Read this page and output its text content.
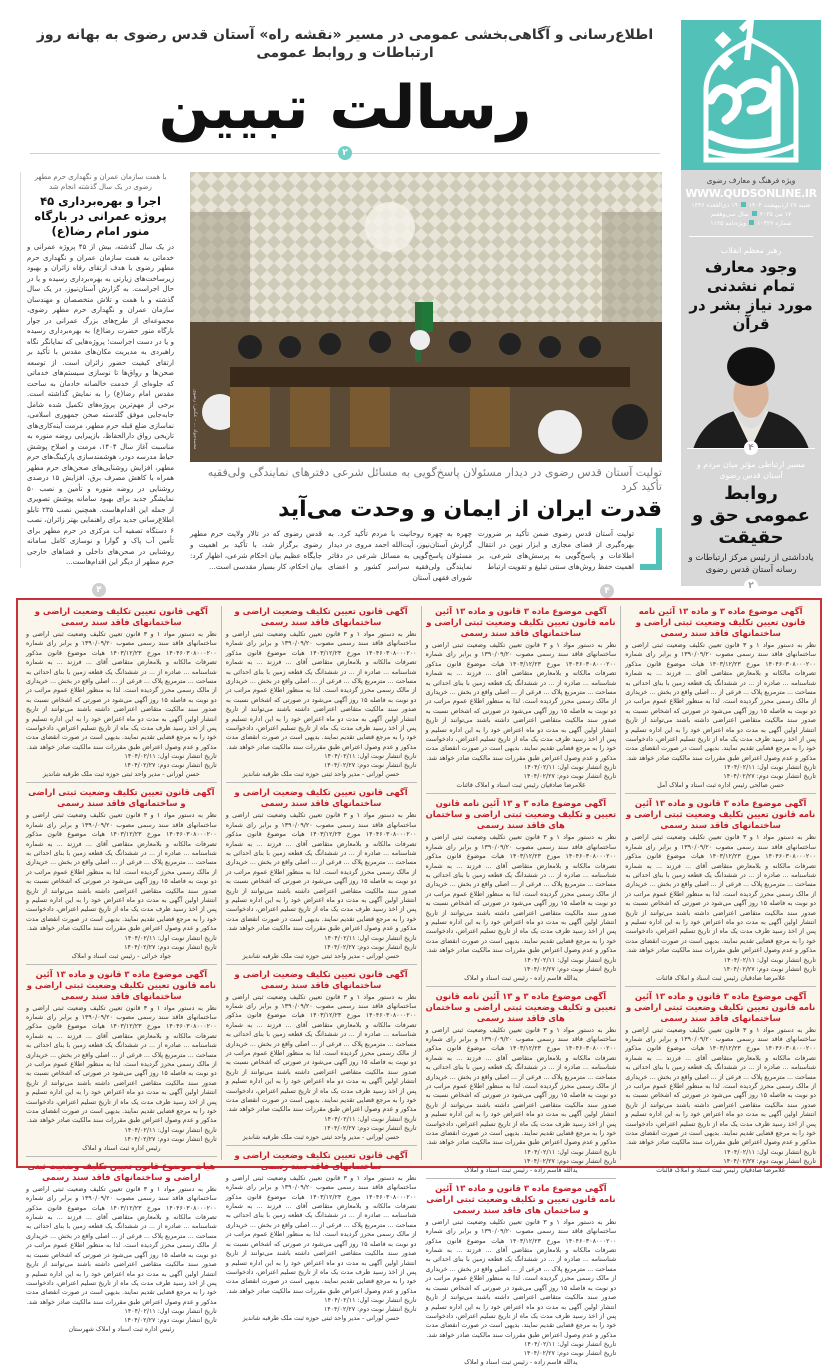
اطلاع‌رسانی و آگاهی‌بخشی عمومی در مسیر «نقشه راه» آستان قدس رضوی به بهانه روز ارتباطات و روابط عمومی
رسالت تبیین
۲
ویژه فرهنگ و معارف رضوی
WWW.QUDSONLINE.IR
شنبه ۲۷ اردیبهشت ۱۴۰۴۱۹ ذی‌القعده ۱۴۴۶
۱۷ می ۲۰۲۵سال سی‌وهفتم
شماره ۱۰۴۲۷ویژه‌نامه ۱۱۲۵
رهبر معظم انقلاب
وجود معارف تمام نشدنی مورد نیاز بشر در قرآن
۴
مسیر ارتباطی مؤثر میان مردم و آستان قدس رضوی
روابط عمومی حق و حقیقت
یادداشتی از رئیس مرکز ارتباطات و رسانه آستان قدس رضوی
۲
با همت سازمان عمران و نگهداری حرم مطهر رضوی در یک سال گذشته انجام شد
اجرا و بهره‌برداری ۴۵ پروژه عمرانی در بارگاه منور امام رضا(ع)

در یک سال گذشته، بیش از ۴۵ پروژه عمرانی و خدماتی به همت سازمان عمران و نگهداری حرم مطهر رضوی با هدف ارتقای رفاه زائران و بهبود زیرساخت‌های زیارتی به بهره‌برداری رسیده و یا در حال اجراست. به گزارش آستان‌نیوز، در یک سال گذشته و با همت و تلاش متخصصان و مهندسان سازمان عمران و نگهداری حرم مطهر رضوی، مجموعه‌ای از طرح‌های بزرگ عمرانی در جوار بارگاه منور حضرت رضا(ع) به بهره‌برداری رسیده و یا در دست اجراست؛ پروژه‌هایی که نمایانگر نگاه راهبردی به مدیریت مکان‌های مقدس با تأکید بر ارتقای کیفیت حضور زائران است. از توسعه صحن‌ها و رواق‌ها تا نوسازی سیستم‌های خدماتی که جلوه‌ای از خدمت خالصانه خادمان به ساحت مقدس امام رضا(ع) را به نمایش گذاشته است. برخی از مهم‌ترین پروژه‌های تکمیل شده شامل جابه‌جایی موفق گلدسته صحن جمهوری اسلامی، نماسازی ضلع قبله حرم مطهر، مرمت آینه‌کاری‌های تاریخی رواق دارالحفاظ، بازپیرایی روضه منوره به مناسبت آغاز سال ۱۴۰۴، مرمت و اصلاح پوشش حیاط مدرسه دودر، هوشمندسازی پارکینگ‌های حرم مطهر، افزایش روشنایی‌های صحن‌های حرم مطهر همراه با کاهش مصرف برق، افزایش ۱۵ درصدی روشنایی در روضه منوره و تأمین و نصب ۵۰ نمایشگر جدید برای بهبود سامانه پوشش تصویری از جمله این اقدام‌هاست. همچنین نصب ۲۳۵ تابلو اطلاع‌رسانی جدید برای راهنمایی بهتر زائران، نصب ۶ دستگاه تصفیه آب مرکزی در حرم مطهر برای تأمین آب پاک و گوارا و نوسازی کامل سامانه روشنایی در صحن‌های داخلی و فضاهای خارجی حرم مطهر از دیگر این اقدام‌هاست...

۴
محمدجواد ... - عکس: رضوی
تولیت آستان قدس رضوی در دیدار مسئولان پاسخ‌گویی به مسائل شرعی دفترهای نمایندگی ولی‌فقیه تأکید کرد
قدرت ایران از ایمان و وحدت می‌آید
تولیت آستان قدس رضوی ضمن تأکید بر ضرورت بهره‌گیری از فضای مجازی و ابزار نوین در انتقال اطلاعات و پاسخ‌گویی به پرسش‌های شرعی، بر اهمیت حفظ روش‌های سنتی تبلیغ و تقویت ارتباط
چهره به چهره روحانیت با مردم تأکید کرد. به گزارش آستان‌نیوز، آیت‌الله احمد مروی در دیدار مسئولان پاسخ‌گویی به مسائل شرعی در دفاتر نمایندگی ولی‌فقیه سراسر کشور و اعضای شورای فقهی آستان
قدس رضوی که در تالار ولایت حرم مطهر رضوی برگزار شد، با تأکید بر اهمیت و جایگاه عظیم بیان احکام شرعی، اظهار کرد: بیان احکام، کار بسیار مقدسی است...
۴
آگهی موضوع ماده ۳ و ماده ۱۳ آئین نامه قانون تعیین تکلیف وضعیت ثبتی اراضی و ساختمانهای فاقد سند رسمی
نظر به دستور مواد ۱ و ۳ قانون تعیین تکلیف وضعیت ثبتی اراضی و ساختمانهای فاقد سند رسمی مصوب ۱۳۹۰/۰۹/۲۰ و برابر رای شماره ۱۴۰۴۶۰۳۰۸۰۰۰۲۰۰ مورخ ۱۴۰۳/۱۲/۲۳ هیات موضوع قانون مذکور تصرفات مالکانه و بلامعارض متقاضی آقای ... فرزند ... به شماره شناسنامه ... صادره از ... در ششدانگ یک قطعه زمین با بنای احداثی به مساحت ... مترمربع پلاک ... فرعی از ... اصلی واقع در بخش ... خریداری از مالک رسمی محرز گردیده است. لذا به منظور اطلاع عموم مراتب در دو نوبت به فاصله ۱۵ روز آگهی می‌شود در صورتی که اشخاص نسبت به صدور سند مالکیت متقاضی اعتراضی داشته باشند می‌توانند از تاریخ انتشار اولین آگهی به مدت دو ماه اعتراض خود را به این اداره تسلیم و پس از اخذ رسید ظرف مدت یک ماه از تاریخ تسلیم اعتراض، دادخواست خود را به مرجع قضایی تقدیم نمایند. بدیهی است در صورت انقضای مدت مذکور و عدم وصول اعتراض طبق مقررات سند مالکیت صادر خواهد شد.
تاریخ انتشار نوبت اول: ۱۴۰۴/۰۲/۱۱
تاریخ انتشار نوبت دوم: ۱۴۰۴/۰۲/۲۷
حسن صالحی رئیس اداره ثبت اسناد و املاک آمل
آگهی موضوع ماده ۳ قانون و ماده ۱۳ آئین نامه قانون تعیین تکلیف وضعیت ثبتی اراضی و ساختمانهای فاقد سند رسمی
نظر به دستور مواد ۱ و ۳ قانون تعیین تکلیف وضعیت ثبتی اراضی و ساختمانهای فاقد سند رسمی مصوب ۱۳۹۰/۰۹/۲۰ و برابر رای شماره ۱۴۰۴۶۰۳۰۸۰۰۰۲۰۰ مورخ ۱۴۰۳/۱۲/۲۳ هیات موضوع قانون مذکور تصرفات مالکانه و بلامعارض متقاضی آقای ... فرزند ... به شماره شناسنامه ... صادره از ... در ششدانگ یک قطعه زمین با بنای احداثی به مساحت ... مترمربع پلاک ... فرعی از ... اصلی واقع در بخش ... خریداری از مالک رسمی محرز گردیده است. لذا به منظور اطلاع عموم مراتب در دو نوبت به فاصله ۱۵ روز آگهی می‌شود در صورتی که اشخاص نسبت به صدور سند مالکیت متقاضی اعتراضی داشته باشند می‌توانند از تاریخ انتشار اولین آگهی به مدت دو ماه اعتراض خود را به این اداره تسلیم و پس از اخذ رسید ظرف مدت یک ماه از تاریخ تسلیم اعتراض، دادخواست خود را به مرجع قضایی تقدیم نمایند. بدیهی است در صورت انقضای مدت مذکور و عدم وصول اعتراض طبق مقررات سند مالکیت صادر خواهد شد.
تاریخ انتشار نوبت اول: ۱۴۰۴/۰۲/۱۱
تاریخ انتشار نوبت دوم: ۱۴۰۴/۰۲/۲۷
غلامرضا صادقیان رئیس ثبت اسناد و املاک قائنات
آگهی موضوع ماده ۳ قانون و ماده ۱۳ آئین نامه قانون تعیین تکلیف وضعیت ثبتی اراضی و ساختمانهای فاقد سند رسمی
نظر به دستور مواد ۱ و ۳ قانون تعیین تکلیف وضعیت ثبتی اراضی و ساختمانهای فاقد سند رسمی مصوب ۱۳۹۰/۰۹/۲۰ و برابر رای شماره ۱۴۰۴۶۰۳۰۸۰۰۰۲۰۰ مورخ ۱۴۰۳/۱۲/۲۳ هیات موضوع قانون مذکور تصرفات مالکانه و بلامعارض متقاضی آقای ... فرزند ... به شماره شناسنامه ... صادره از ... در ششدانگ یک قطعه زمین با بنای احداثی به مساحت ... مترمربع پلاک ... فرعی از ... اصلی واقع در بخش ... خریداری از مالک رسمی محرز گردیده است. لذا به منظور اطلاع عموم مراتب در دو نوبت به فاصله ۱۵ روز آگهی می‌شود در صورتی که اشخاص نسبت به صدور سند مالکیت متقاضی اعتراضی داشته باشند می‌توانند از تاریخ انتشار اولین آگهی به مدت دو ماه اعتراض خود را به این اداره تسلیم و پس از اخذ رسید ظرف مدت یک ماه از تاریخ تسلیم اعتراض، دادخواست خود را به مرجع قضایی تقدیم نمایند. بدیهی است در صورت انقضای مدت مذکور و عدم وصول اعتراض طبق مقررات سند مالکیت صادر خواهد شد.
تاریخ انتشار نوبت اول: ۱۴۰۴/۰۲/۱۱
تاریخ انتشار نوبت دوم: ۱۴۰۴/۰۲/۲۷
غلامرضا صادقیان رئیس ثبت اسناد و املاک قائنات
آگهی موضوع ماده ۳ قانون و ماده ۱۳ آئین نامه قانون تعیین تکلیف وضعیت ثبتی اراضی و ساختمانهای فاقد سند رسمی
نظر به دستور مواد ۱ و ۳ قانون تعیین تکلیف وضعیت ثبتی اراضی و ساختمانهای فاقد سند رسمی مصوب ۱۳۹۰/۰۹/۲۰ و برابر رای شماره ۱۴۰۴۶۰۳۰۸۰۰۰۲۰۰ مورخ ۱۴۰۳/۱۲/۲۳ هیات موضوع قانون مذکور تصرفات مالکانه و بلامعارض متقاضی آقای ... فرزند ... به شماره شناسنامه ... صادره از ... در ششدانگ یک قطعه زمین با بنای احداثی به مساحت ... مترمربع پلاک ... فرعی از ... اصلی واقع در بخش ... خریداری از مالک رسمی محرز گردیده است. لذا به منظور اطلاع عموم مراتب در دو نوبت به فاصله ۱۵ روز آگهی می‌شود در صورتی که اشخاص نسبت به صدور سند مالکیت متقاضی اعتراضی داشته باشند می‌توانند از تاریخ انتشار اولین آگهی به مدت دو ماه اعتراض خود را به این اداره تسلیم و پس از اخذ رسید ظرف مدت یک ماه از تاریخ تسلیم اعتراض، دادخواست خود را به مرجع قضایی تقدیم نمایند. بدیهی است در صورت انقضای مدت مذکور و عدم وصول اعتراض طبق مقررات سند مالکیت صادر خواهد شد.
تاریخ انتشار نوبت اول: ۱۴۰۴/۰۲/۱۱
تاریخ انتشار نوبت دوم: ۱۴۰۴/۰۲/۲۷
غلامرضا صادقیان رئیس ثبت اسناد و املاک قائنات
آگهی موضوع ماده ۳ و ۱۳ آئین نامه قانون تعیین و تکلیف وضعیت ثبتی اراضی و ساختمان های فاقد سند رسمی
نظر به دستور مواد ۱ و ۳ قانون تعیین تکلیف وضعیت ثبتی اراضی و ساختمانهای فاقد سند رسمی مصوب ۱۳۹۰/۰۹/۲۰ و برابر رای شماره ۱۴۰۴۶۰۳۰۸۰۰۰۲۰۰ مورخ ۱۴۰۳/۱۲/۲۳ هیات موضوع قانون مذکور تصرفات مالکانه و بلامعارض متقاضی آقای ... فرزند ... به شماره شناسنامه ... صادره از ... در ششدانگ یک قطعه زمین با بنای احداثی به مساحت ... مترمربع پلاک ... فرعی از ... اصلی واقع در بخش ... خریداری از مالک رسمی محرز گردیده است. لذا به منظور اطلاع عموم مراتب در دو نوبت به فاصله ۱۵ روز آگهی می‌شود در صورتی که اشخاص نسبت به صدور سند مالکیت متقاضی اعتراضی داشته باشند می‌توانند از تاریخ انتشار اولین آگهی به مدت دو ماه اعتراض خود را به این اداره تسلیم و پس از اخذ رسید ظرف مدت یک ماه از تاریخ تسلیم اعتراض، دادخواست خود را به مرجع قضایی تقدیم نمایند. بدیهی است در صورت انقضای مدت مذکور و عدم وصول اعتراض طبق مقررات سند مالکیت صادر خواهد شد.
تاریخ انتشار نوبت اول: ۱۴۰۴/۰۲/۱۱
تاریخ انتشار نوبت دوم: ۱۴۰۴/۰۲/۲۷
یدالله قاسم زاده - رئیس ثبت اسناد و املاک
آگهی موضوع ماده ۳ و ۱۳ آئین نامه قانون تعیین و تکلیف وضعیت ثبتی اراضی و ساختمان های فاقد سند رسمی
نظر به دستور مواد ۱ و ۳ قانون تعیین تکلیف وضعیت ثبتی اراضی و ساختمانهای فاقد سند رسمی مصوب ۱۳۹۰/۰۹/۲۰ و برابر رای شماره ۱۴۰۴۶۰۳۰۸۰۰۰۲۰۰ مورخ ۱۴۰۳/۱۲/۲۳ هیات موضوع قانون مذکور تصرفات مالکانه و بلامعارض متقاضی آقای ... فرزند ... به شماره شناسنامه ... صادره از ... در ششدانگ یک قطعه زمین با بنای احداثی به مساحت ... مترمربع پلاک ... فرعی از ... اصلی واقع در بخش ... خریداری از مالک رسمی محرز گردیده است. لذا به منظور اطلاع عموم مراتب در دو نوبت به فاصله ۱۵ روز آگهی می‌شود در صورتی که اشخاص نسبت به صدور سند مالکیت متقاضی اعتراضی داشته باشند می‌توانند از تاریخ انتشار اولین آگهی به مدت دو ماه اعتراض خود را به این اداره تسلیم و پس از اخذ رسید ظرف مدت یک ماه از تاریخ تسلیم اعتراض، دادخواست خود را به مرجع قضایی تقدیم نمایند. بدیهی است در صورت انقضای مدت مذکور و عدم وصول اعتراض طبق مقررات سند مالکیت صادر خواهد شد.
تاریخ انتشار نوبت اول: ۱۴۰۴/۰۲/۱۱
تاریخ انتشار نوبت دوم: ۱۴۰۴/۰۲/۲۷
یدالله قاسم زاده - رئیس ثبت اسناد و املاک
آگهی موضوع ماده ۳ قانون و ماده ۱۳ آئین نامه قانون تعیین و تکلیف وضعیت ثبتی اراضی و ساختمان های فاقد سند رسمی
نظر به دستور مواد ۱ و ۳ قانون تعیین تکلیف وضعیت ثبتی اراضی و ساختمانهای فاقد سند رسمی مصوب ۱۳۹۰/۰۹/۲۰ و برابر رای شماره ۱۴۰۴۶۰۳۰۸۰۰۰۲۰۰ مورخ ۱۴۰۳/۱۲/۲۳ هیات موضوع قانون مذکور تصرفات مالکانه و بلامعارض متقاضی آقای ... فرزند ... به شماره شناسنامه ... صادره از ... در ششدانگ یک قطعه زمین با بنای احداثی به مساحت ... مترمربع پلاک ... فرعی از ... اصلی واقع در بخش ... خریداری از مالک رسمی محرز گردیده است. لذا به منظور اطلاع عموم مراتب در دو نوبت به فاصله ۱۵ روز آگهی می‌شود در صورتی که اشخاص نسبت به صدور سند مالکیت متقاضی اعتراضی داشته باشند می‌توانند از تاریخ انتشار اولین آگهی به مدت دو ماه اعتراض خود را به این اداره تسلیم و پس از اخذ رسید ظرف مدت یک ماه از تاریخ تسلیم اعتراض، دادخواست خود را به مرجع قضایی تقدیم نمایند. بدیهی است در صورت انقضای مدت مذکور و عدم وصول اعتراض طبق مقررات سند مالکیت صادر خواهد شد.
تاریخ انتشار نوبت اول: ۱۴۰۴/۰۲/۱۱
تاریخ انتشار نوبت دوم: ۱۴۰۴/۰۲/۲۷
یدالله قاسم زاده - رئیس ثبت اسناد و املاک
آگهی قانون تعیین تکلیف وضعیت اراضی و ساختمانهای فاقد سند رسمی
نظر به دستور مواد ۱ و ۳ قانون تعیین تکلیف وضعیت ثبتی اراضی و ساختمانهای فاقد سند رسمی مصوب ۱۳۹۰/۰۹/۲۰ و برابر رای شماره ۱۴۰۴۶۰۳۰۸۰۰۰۲۰۰ مورخ ۱۴۰۳/۱۲/۲۳ هیات موضوع قانون مذکور تصرفات مالکانه و بلامعارض متقاضی آقای ... فرزند ... به شماره شناسنامه ... صادره از ... در ششدانگ یک قطعه زمین با بنای احداثی به مساحت ... مترمربع پلاک ... فرعی از ... اصلی واقع در بخش ... خریداری از مالک رسمی محرز گردیده است. لذا به منظور اطلاع عموم مراتب در دو نوبت به فاصله ۱۵ روز آگهی می‌شود در صورتی که اشخاص نسبت به صدور سند مالکیت متقاضی اعتراضی داشته باشند می‌توانند از تاریخ انتشار اولین آگهی به مدت دو ماه اعتراض خود را به این اداره تسلیم و پس از اخذ رسید ظرف مدت یک ماه از تاریخ تسلیم اعتراض، دادخواست خود را به مرجع قضایی تقدیم نمایند. بدیهی است در صورت انقضای مدت مذکور و عدم وصول اعتراض طبق مقررات سند مالکیت صادر خواهد شد.
تاریخ انتشار نوبت اول: ۱۴۰۴/۰۲/۱۱
تاریخ انتشار نوبت دوم: ۱۴۰۴/۰۲/۲۷
حسن لورانی - مدیر واحد ثبتی حوزه ثبت ملک طرقبه شاندیز
آگهی قانون تعیین تکلیف وضعیت اراضی و ساختمانهای فاقد سند رسمی
نظر به دستور مواد ۱ و ۳ قانون تعیین تکلیف وضعیت ثبتی اراضی و ساختمانهای فاقد سند رسمی مصوب ۱۳۹۰/۰۹/۲۰ و برابر رای شماره ۱۴۰۴۶۰۳۰۸۰۰۰۲۰۰ مورخ ۱۴۰۳/۱۲/۲۳ هیات موضوع قانون مذکور تصرفات مالکانه و بلامعارض متقاضی آقای ... فرزند ... به شماره شناسنامه ... صادره از ... در ششدانگ یک قطعه زمین با بنای احداثی به مساحت ... مترمربع پلاک ... فرعی از ... اصلی واقع در بخش ... خریداری از مالک رسمی محرز گردیده است. لذا به منظور اطلاع عموم مراتب در دو نوبت به فاصله ۱۵ روز آگهی می‌شود در صورتی که اشخاص نسبت به صدور سند مالکیت متقاضی اعتراضی داشته باشند می‌توانند از تاریخ انتشار اولین آگهی به مدت دو ماه اعتراض خود را به این اداره تسلیم و پس از اخذ رسید ظرف مدت یک ماه از تاریخ تسلیم اعتراض، دادخواست خود را به مرجع قضایی تقدیم نمایند. بدیهی است در صورت انقضای مدت مذکور و عدم وصول اعتراض طبق مقررات سند مالکیت صادر خواهد شد.
تاریخ انتشار نوبت اول: ۱۴۰۴/۰۲/۱۱
تاریخ انتشار نوبت دوم: ۱۴۰۴/۰۲/۲۷
حسن لورانی - مدیر واحد ثبتی حوزه ثبت ملک طرقبه شاندیز
آگهی قانون تعیین تکلیف وضعیت اراضی و ساختمانهای فاقد سند رسمی
نظر به دستور مواد ۱ و ۳ قانون تعیین تکلیف وضعیت ثبتی اراضی و ساختمانهای فاقد سند رسمی مصوب ۱۳۹۰/۰۹/۲۰ و برابر رای شماره ۱۴۰۴۶۰۳۰۸۰۰۰۲۰۰ مورخ ۱۴۰۳/۱۲/۲۳ هیات موضوع قانون مذکور تصرفات مالکانه و بلامعارض متقاضی آقای ... فرزند ... به شماره شناسنامه ... صادره از ... در ششدانگ یک قطعه زمین با بنای احداثی به مساحت ... مترمربع پلاک ... فرعی از ... اصلی واقع در بخش ... خریداری از مالک رسمی محرز گردیده است. لذا به منظور اطلاع عموم مراتب در دو نوبت به فاصله ۱۵ روز آگهی می‌شود در صورتی که اشخاص نسبت به صدور سند مالکیت متقاضی اعتراضی داشته باشند می‌توانند از تاریخ انتشار اولین آگهی به مدت دو ماه اعتراض خود را به این اداره تسلیم و پس از اخذ رسید ظرف مدت یک ماه از تاریخ تسلیم اعتراض، دادخواست خود را به مرجع قضایی تقدیم نمایند. بدیهی است در صورت انقضای مدت مذکور و عدم وصول اعتراض طبق مقررات سند مالکیت صادر خواهد شد.
تاریخ انتشار نوبت اول: ۱۴۰۴/۰۲/۱۱
تاریخ انتشار نوبت دوم: ۱۴۰۴/۰۲/۲۷
حسن لورانی - مدیر واحد ثبتی حوزه ثبت ملک طرقبه شاندیز
آگهی قانون تعیین تکلیف وضعیت اراضی و ساختمانهای فاقد سند رسمی
نظر به دستور مواد ۱ و ۳ قانون تعیین تکلیف وضعیت ثبتی اراضی و ساختمانهای فاقد سند رسمی مصوب ۱۳۹۰/۰۹/۲۰ و برابر رای شماره ۱۴۰۴۶۰۳۰۸۰۰۰۲۰۰ مورخ ۱۴۰۳/۱۲/۲۳ هیات موضوع قانون مذکور تصرفات مالکانه و بلامعارض متقاضی آقای ... فرزند ... به شماره شناسنامه ... صادره از ... در ششدانگ یک قطعه زمین با بنای احداثی به مساحت ... مترمربع پلاک ... فرعی از ... اصلی واقع در بخش ... خریداری از مالک رسمی محرز گردیده است. لذا به منظور اطلاع عموم مراتب در دو نوبت به فاصله ۱۵ روز آگهی می‌شود در صورتی که اشخاص نسبت به صدور سند مالکیت متقاضی اعتراضی داشته باشند می‌توانند از تاریخ انتشار اولین آگهی به مدت دو ماه اعتراض خود را به این اداره تسلیم و پس از اخذ رسید ظرف مدت یک ماه از تاریخ تسلیم اعتراض، دادخواست خود را به مرجع قضایی تقدیم نمایند. بدیهی است در صورت انقضای مدت مذکور و عدم وصول اعتراض طبق مقررات سند مالکیت صادر خواهد شد.
تاریخ انتشار نوبت اول: ۱۴۰۴/۰۲/۱۱
تاریخ انتشار نوبت دوم: ۱۴۰۴/۰۲/۲۷
حسن لورانی - مدیر واحد ثبتی حوزه ثبت ملک طرقبه شاندیز
آگهی قانون تعیین تکلیف وضعیت اراضی و ساختمانهای فاقد سند رسمی
نظر به دستور مواد ۱ و ۳ قانون تعیین تکلیف وضعیت ثبتی اراضی و ساختمانهای فاقد سند رسمی مصوب ۱۳۹۰/۰۹/۲۰ و برابر رای شماره ۱۴۰۴۶۰۳۰۸۰۰۰۲۰۰ مورخ ۱۴۰۳/۱۲/۲۳ هیات موضوع قانون مذکور تصرفات مالکانه و بلامعارض متقاضی آقای ... فرزند ... به شماره شناسنامه ... صادره از ... در ششدانگ یک قطعه زمین با بنای احداثی به مساحت ... مترمربع پلاک ... فرعی از ... اصلی واقع در بخش ... خریداری از مالک رسمی محرز گردیده است. لذا به منظور اطلاع عموم مراتب در دو نوبت به فاصله ۱۵ روز آگهی می‌شود در صورتی که اشخاص نسبت به صدور سند مالکیت متقاضی اعتراضی داشته باشند می‌توانند از تاریخ انتشار اولین آگهی به مدت دو ماه اعتراض خود را به این اداره تسلیم و پس از اخذ رسید ظرف مدت یک ماه از تاریخ تسلیم اعتراض، دادخواست خود را به مرجع قضایی تقدیم نمایند. بدیهی است در صورت انقضای مدت مذکور و عدم وصول اعتراض طبق مقررات سند مالکیت صادر خواهد شد.
تاریخ انتشار نوبت اول: ۱۴۰۴/۰۲/۱۱
تاریخ انتشار نوبت دوم: ۱۴۰۴/۰۲/۲۷
حسن لورانی - مدیر واحد ثبتی حوزه ثبت ملک طرقبه شاندیز
آگهی قانون تعیین تکلیف وضعیت ثبتی اراضی و ساختمانهای فاقد سند رسمی
نظر به دستور مواد ۱ و ۳ قانون تعیین تکلیف وضعیت ثبتی اراضی و ساختمانهای فاقد سند رسمی مصوب ۱۳۹۰/۰۹/۲۰ و برابر رای شماره ۱۴۰۴۶۰۳۰۸۰۰۰۲۰۰ مورخ ۱۴۰۳/۱۲/۲۳ هیات موضوع قانون مذکور تصرفات مالکانه و بلامعارض متقاضی آقای ... فرزند ... به شماره شناسنامه ... صادره از ... در ششدانگ یک قطعه زمین با بنای احداثی به مساحت ... مترمربع پلاک ... فرعی از ... اصلی واقع در بخش ... خریداری از مالک رسمی محرز گردیده است. لذا به منظور اطلاع عموم مراتب در دو نوبت به فاصله ۱۵ روز آگهی می‌شود در صورتی که اشخاص نسبت به صدور سند مالکیت متقاضی اعتراضی داشته باشند می‌توانند از تاریخ انتشار اولین آگهی به مدت دو ماه اعتراض خود را به این اداره تسلیم و پس از اخذ رسید ظرف مدت یک ماه از تاریخ تسلیم اعتراض، دادخواست خود را به مرجع قضایی تقدیم نمایند. بدیهی است در صورت انقضای مدت مذکور و عدم وصول اعتراض طبق مقررات سند مالکیت صادر خواهد شد.
تاریخ انتشار نوبت اول: ۱۴۰۴/۰۲/۱۱
تاریخ انتشار نوبت دوم: ۱۴۰۴/۰۲/۲۷
جواد خرائی - رئیس ثبت اسناد و املاک
آگهی موضوع ماده ۳ قانون و ماده ۱۳ آئین نامه قانون تعیین تکلیف وضعیت ثبتی اراضی و ساختمانهای فاقد سند رسمی
نظر به دستور مواد ۱ و ۳ قانون تعیین تکلیف وضعیت ثبتی اراضی و ساختمانهای فاقد سند رسمی مصوب ۱۳۹۰/۰۹/۲۰ و برابر رای شماره ۱۴۰۴۶۰۳۰۸۰۰۰۲۰۰ مورخ ۱۴۰۳/۱۲/۲۳ هیات موضوع قانون مذکور تصرفات مالکانه و بلامعارض متقاضی آقای ... فرزند ... به شماره شناسنامه ... صادره از ... در ششدانگ یک قطعه زمین با بنای احداثی به مساحت ... مترمربع پلاک ... فرعی از ... اصلی واقع در بخش ... خریداری از مالک رسمی محرز گردیده است. لذا به منظور اطلاع عموم مراتب در دو نوبت به فاصله ۱۵ روز آگهی می‌شود در صورتی که اشخاص نسبت به صدور سند مالکیت متقاضی اعتراضی داشته باشند می‌توانند از تاریخ انتشار اولین آگهی به مدت دو ماه اعتراض خود را به این اداره تسلیم و پس از اخذ رسید ظرف مدت یک ماه از تاریخ تسلیم اعتراض، دادخواست خود را به مرجع قضایی تقدیم نمایند. بدیهی است در صورت انقضای مدت مذکور و عدم وصول اعتراض طبق مقررات سند مالکیت صادر خواهد شد.
تاریخ انتشار نوبت اول: ۱۴۰۴/۰۲/۱۱
تاریخ انتشار نوبت دوم: ۱۴۰۴/۰۲/۲۷
رئیس اداره ثبت اسناد و املاک
هیات موضوع قانون تعیین تکلیف وضعیت ثبتی اراضی و ساختمانهای فاقد سند رسمی
نظر به دستور مواد ۱ و ۳ قانون تعیین تکلیف وضعیت ثبتی اراضی و ساختمانهای فاقد سند رسمی مصوب ۱۳۹۰/۰۹/۲۰ و برابر رای شماره ۱۴۰۴۶۰۳۰۸۰۰۰۲۰۰ مورخ ۱۴۰۳/۱۲/۲۳ هیات موضوع قانون مذکور تصرفات مالکانه و بلامعارض متقاضی آقای ... فرزند ... به شماره شناسنامه ... صادره از ... در ششدانگ یک قطعه زمین با بنای احداثی به مساحت ... مترمربع پلاک ... فرعی از ... اصلی واقع در بخش ... خریداری از مالک رسمی محرز گردیده است. لذا به منظور اطلاع عموم مراتب در دو نوبت به فاصله ۱۵ روز آگهی می‌شود در صورتی که اشخاص نسبت به صدور سند مالکیت متقاضی اعتراضی داشته باشند می‌توانند از تاریخ انتشار اولین آگهی به مدت دو ماه اعتراض خود را به این اداره تسلیم و پس از اخذ رسید ظرف مدت یک ماه از تاریخ تسلیم اعتراض، دادخواست خود را به مرجع قضایی تقدیم نمایند. بدیهی است در صورت انقضای مدت مذکور و عدم وصول اعتراض طبق مقررات سند مالکیت صادر خواهد شد.
تاریخ انتشار نوبت اول: ۱۴۰۴/۰۲/۱۱
تاریخ انتشار نوبت دوم: ۱۴۰۴/۰۲/۲۷
رئیس اداره ثبت اسناد و املاک شهرستان
